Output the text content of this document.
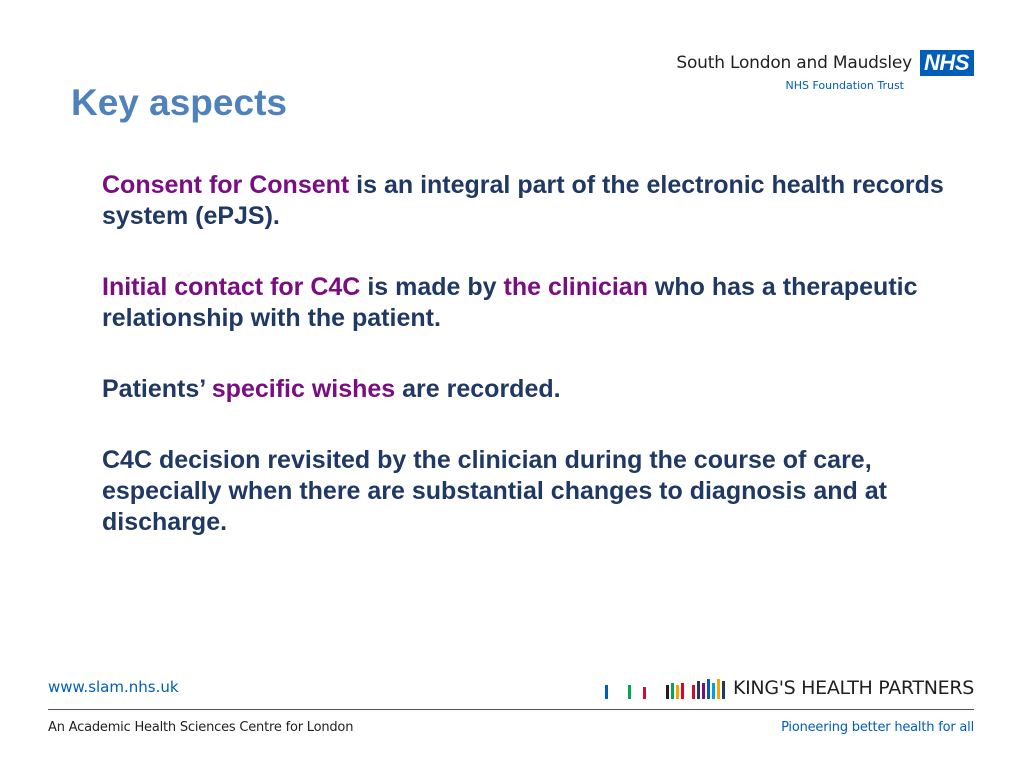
South London and Maudsley NHS
NHS Foundation Trust
Key aspects

Consent for Consent is an integral part of the electronic health records system (ePJS).

Initial contact for C4C is made by the clinician who has a therapeutic relationship with the patient.

Patients’ specific wishes are recorded.

C4C decision revisited by the clinician during the course of care, especially when there are substantial changes to diagnosis and at discharge.

www.slam.nhs.uk	KING'S HEALTH PARTNERS
An Academic Health Sciences Centre for London	Pioneering better health for all
